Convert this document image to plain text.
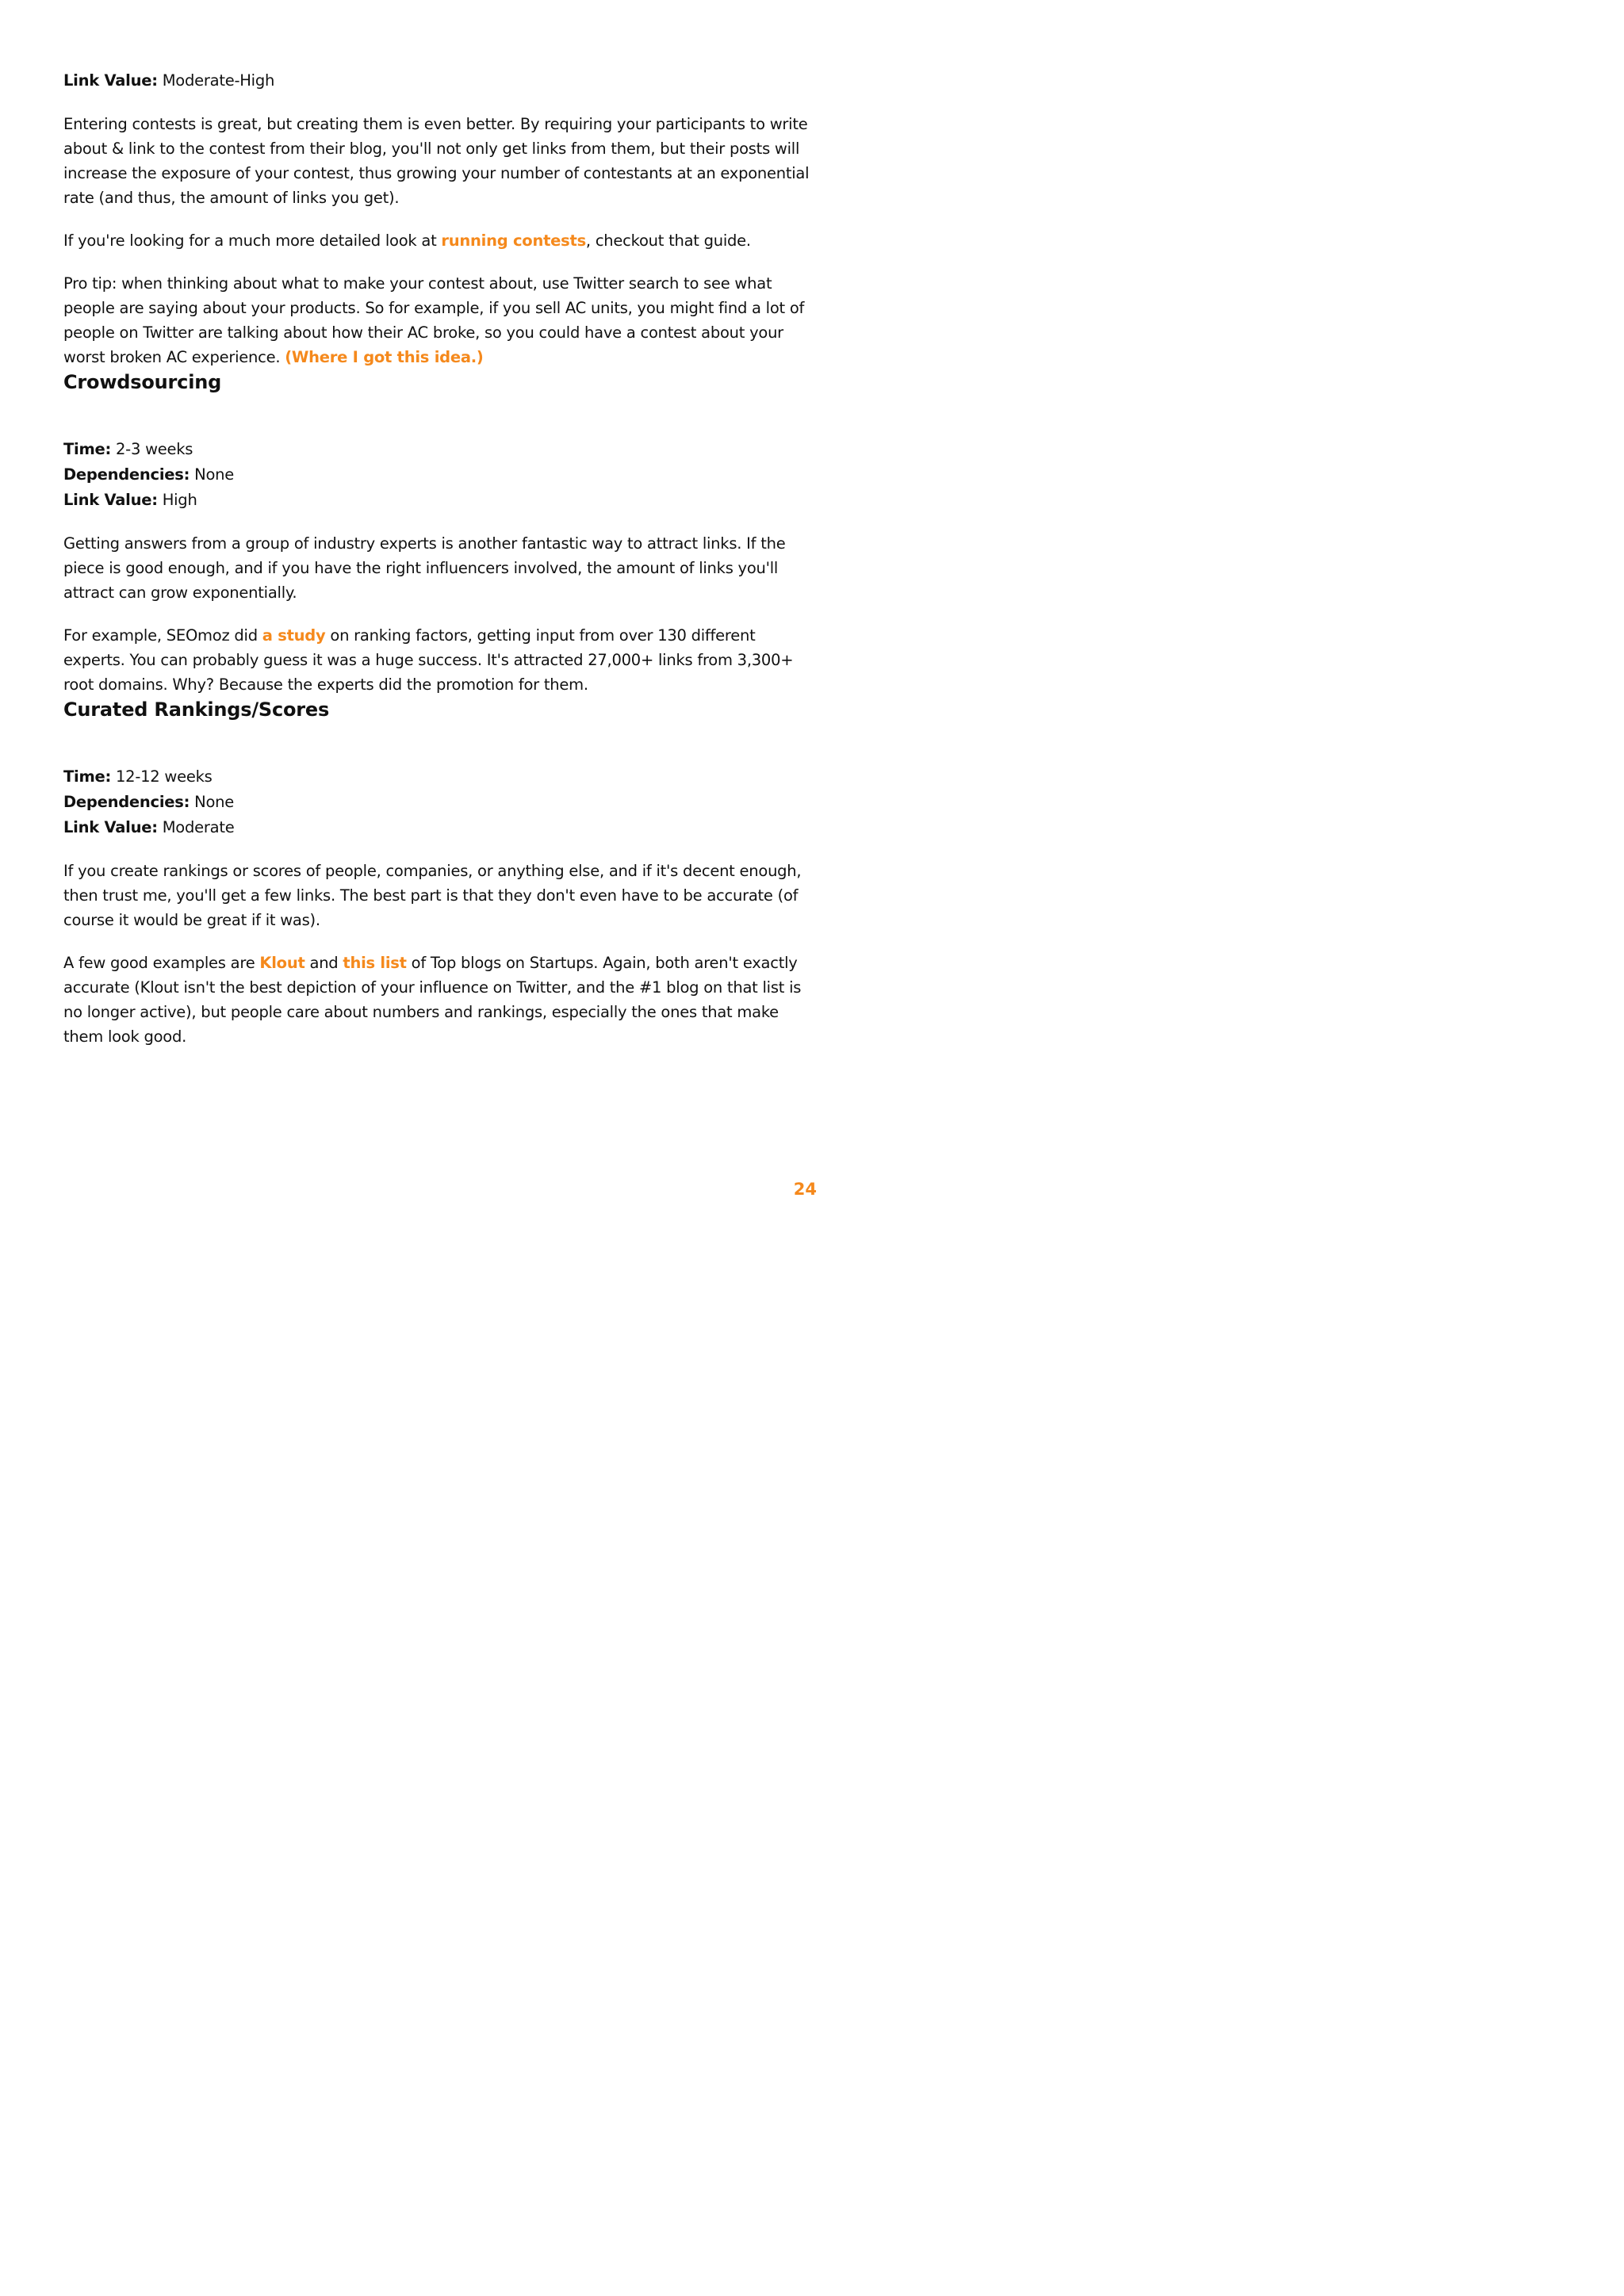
Link Value: Moderate-High

Entering contests is great, but creating them is even better. By requiring your participants to write about & link to the contest from their blog, you'll not only get links from them, but their posts will increase the exposure of your contest, thus growing your number of contestants at an exponential rate (and thus, the amount of links you get).

If you're looking for a much more detailed look at running contests, checkout that guide.

Pro tip: when thinking about what to make your contest about, use Twitter search to see what people are saying about your products. So for example, if you sell AC units, you might find a lot of people on Twitter are talking about how their AC broke, so you could have a contest about your worst broken AC experience. (Where I got this idea.)

Crowdsourcing

Time: 2-3 weeks

Dependencies: None

Link Value: High

Getting answers from a group of industry experts is another fantastic way to attract links. If the piece is good enough, and if you have the right influencers involved, the amount of links you'll attract can grow exponentially.

For example, SEOmoz did a study on ranking factors, getting input from over 130 different experts. You can probably guess it was a huge success. It's attracted 27,000+ links from 3,300+ root domains. Why? Because the experts did the promotion for them.

Curated Rankings/Scores

Time: 12-12 weeks

Dependencies: None

Link Value: Moderate

If you create rankings or scores of people, companies, or anything else, and if it's decent enough, then trust me, you'll get a few links. The best part is that they don't even have to be accurate (of course it would be great if it was).

A few good examples are Klout and this list of Top blogs on Startups. Again, both aren't exactly accurate (Klout isn't the best depiction of your influence on Twitter, and the #1 blog on that list is no longer active), but people care about numbers and rankings, especially the ones that make them look good.

24
